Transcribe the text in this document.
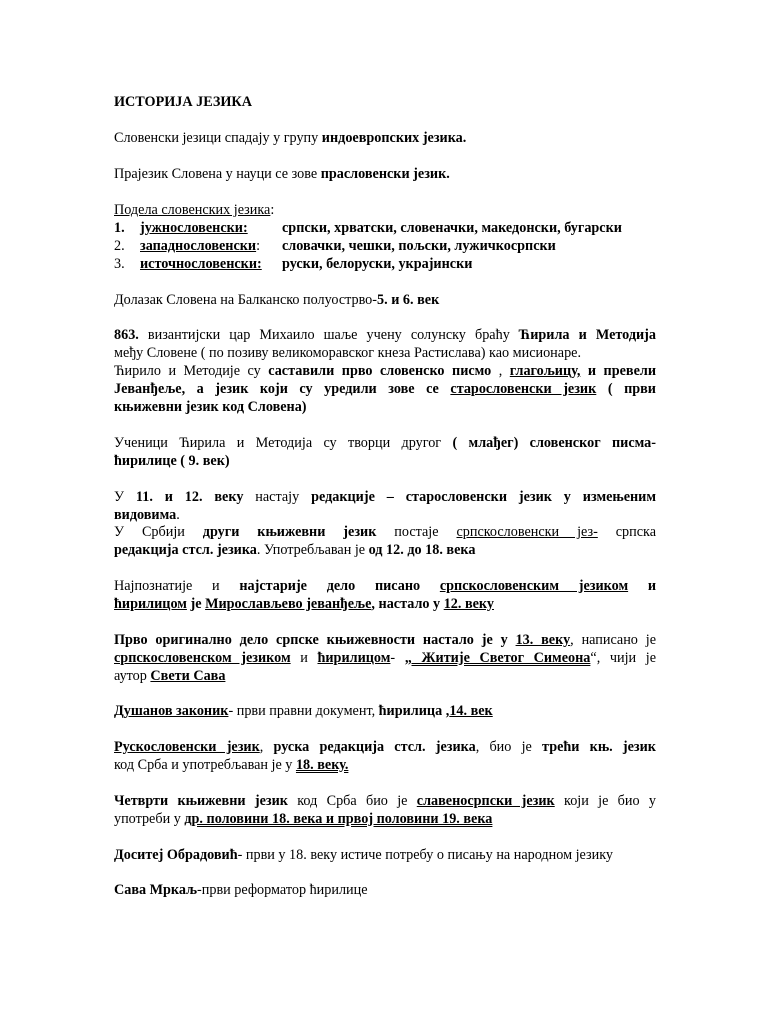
ИСТОРИЈА ЈЕЗИКА
Словенски језици спадају у групу индоевропских језика.
Прајезик Словена у науци се зове прасловенски језик.
Подела словенских језика:
1. јужнословенски: српски, хрватски, словеначки, македонски, бугарски
2. западнословенски: словачки, чешки, пољски, лужичкосрпски
3. источнословенски: руски, белоруски, украјински
Долазак Словена на Балканско полуострво-5. и 6. век
863. византијски цар Михаило шаље учену солунску браћу Ћирила и Методија
међу Словене ( по позиву великоморавског кнеза Растислава) као мисионаре.
Ћирило и Методије су саставили прво словенско писмо , глагољицу, и превели
Јеванђеље, а језик који су уредили зове се старословенски језик ( први
књижевни језик код Словена)
Ученици Ћирила и Методија су творци другог ( млађег) словенског писма-
ћирилице ( 9. век)
У 11. и 12. веку настају редакције – старословенски језик у измењеним
видовима.
У Србији други књижевни језик постаје српскословенски јез- српска
редакција стсл. језика. Употребљаван је од 12. до 18. века
Најпознатије и најстарије дело писано српскословенским језиком и
ћирилицом је Мирослављево јеванђеље, настало у 12. веку
Прво оригинално дело српске књижевности настало је у 13. веку, написано је
српскословенском језиком и ћирилицом- „ Житије Светог Симеона“, чији је
аутор Свети Сава
Душанов законик- први правни документ, ћирилица ,14. век
Рускословенски језик, руска редакција стсл. језика, био је трећи књ. језик
код Срба и употребљаван је у 18. веку.
Четврти књижевни језик код Срба био је славеносрпски језик који је био у
употреби у др. половини 18. века и првој половини 19. века
Доситеј Обрадовић- први у 18. веку истиче потребу о писању на народном језику
Сава Мркаљ-први реформатор ћирилице
